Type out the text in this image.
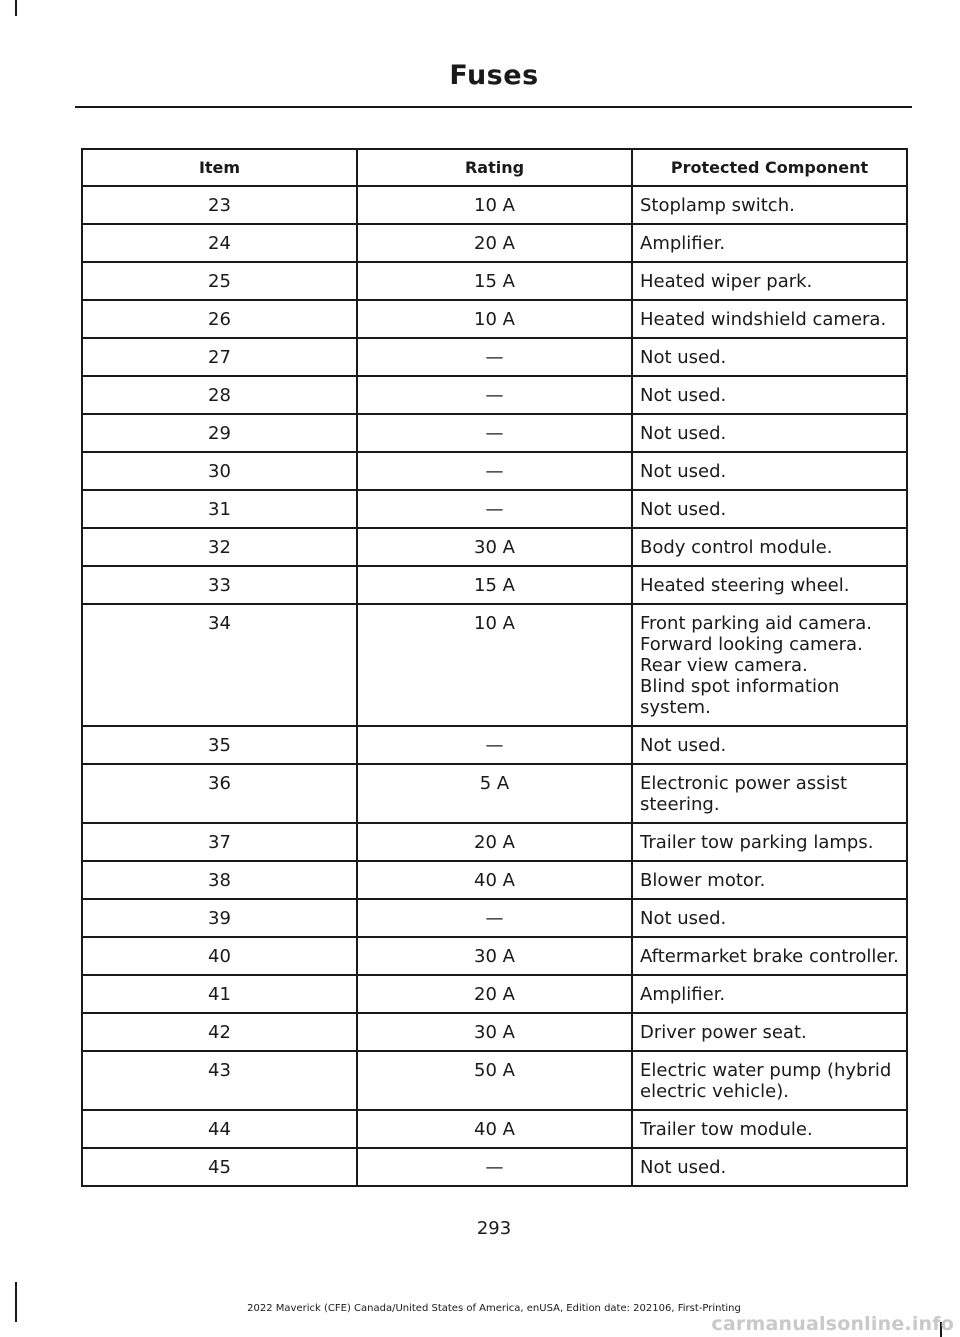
Fuses
Item	Rating	Protected Component
23	10 A	Stoplamp switch.

24	20 A	Amplifier.

25	15 A	Heated wiper park.

26	10 A	Heated windshield camera.

27	—	Not used.

28	—	Not used.

29	—	Not used.

30	—	Not used.

31	—	Not used.

32	30 A	Body control module.

33	15 A	Heated steering wheel.

34	10 A	Front parking aid camera.
Forward looking camera.
Rear view camera.
Blind spot information system.

35	—	Not used.

36	5 A	Electronic power assist steering.

37	20 A	Trailer tow parking lamps.

38	40 A	Blower motor.

39	—	Not used.

40	30 A	Aftermarket brake controller.

41	20 A	Amplifier.

42	30 A	Driver power seat.

43	50 A	Electric water pump (hybrid electric vehicle).

44	40 A	Trailer tow module.

45	—	Not used.
293
2022 Maverick (CFE) Canada/United States of America, enUSA, Edition date: 202106, First-Printing
carmanualsonline.info
